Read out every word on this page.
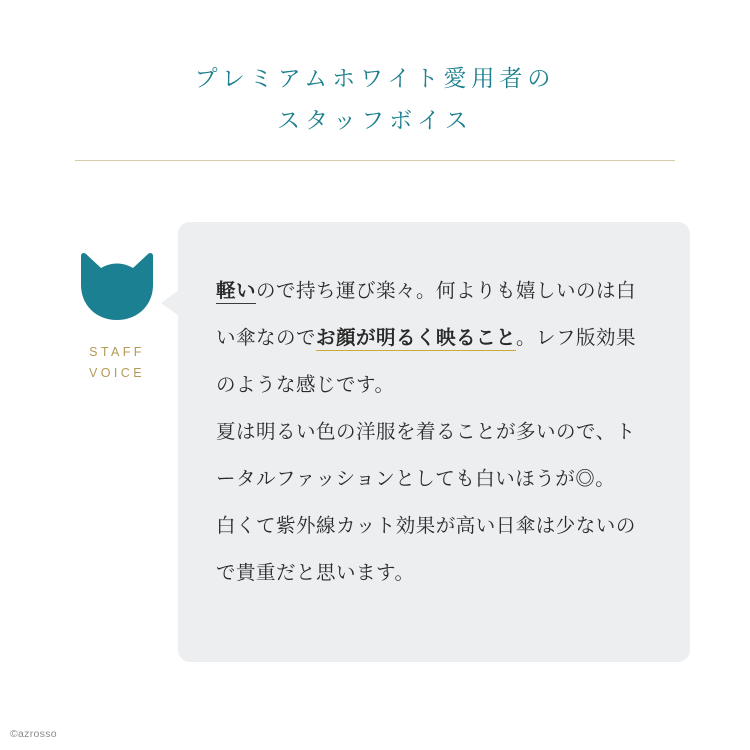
プレミアムホワイト愛用者の
スタッフボイス
STAFF
VOICE

軽いので持ち運び楽々。何よりも嬉しいのは白い傘なのでお顔が明るく映ること。レフ版効果のような感じです。

夏は明るい色の洋服を着ることが多いので、トータルファッションとしても白いほうが◎。

白くて紫外線カット効果が高い日傘は少ないので貴重だと思います。

©azrosso
